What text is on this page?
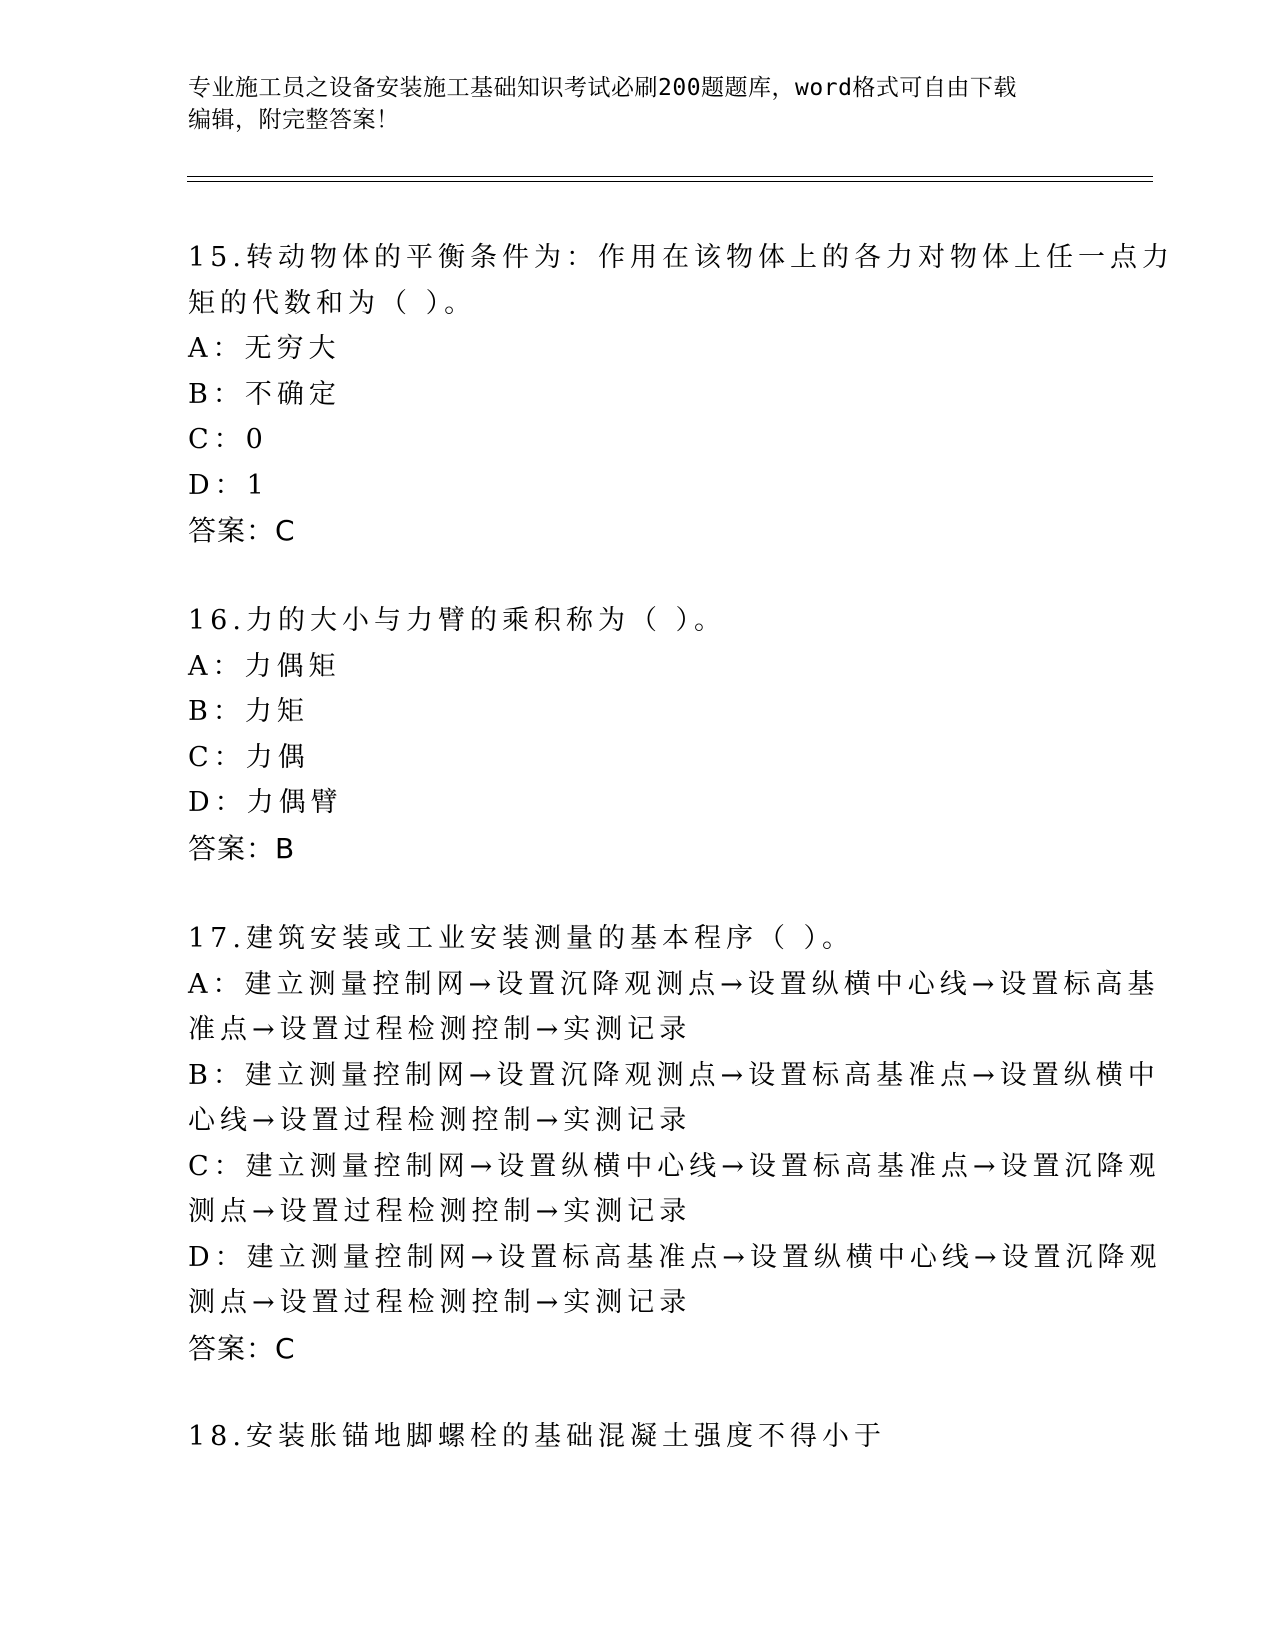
专业施工员之设备安装施工基础知识考试必刷200题题库，word格式可自由下载
编辑，附完整答案！
15.转动物体的平衡条件为：作用在该物体上的各力对物体上任一点力
矩的代数和为（ ）。
A：无穷大
B：不确定
C：0
D：1
答案：C
16.力的大小与力臂的乘积称为（ ）。
A：力偶矩
B：力矩
C：力偶
D：力偶臂
答案：B
17.建筑安装或工业安装测量的基本程序（ ）。
A：建立测量控制网→设置沉降观测点→设置纵横中心线→设置标高基
准点→设置过程检测控制→实测记录
B：建立测量控制网→设置沉降观测点→设置标高基准点→设置纵横中
心线→设置过程检测控制→实测记录
C：建立测量控制网→设置纵横中心线→设置标高基准点→设置沉降观
测点→设置过程检测控制→实测记录
D：建立测量控制网→设置标高基准点→设置纵横中心线→设置沉降观
测点→设置过程检测控制→实测记录
答案：C
18.安装胀锚地脚螺栓的基础混凝土强度不得小于
